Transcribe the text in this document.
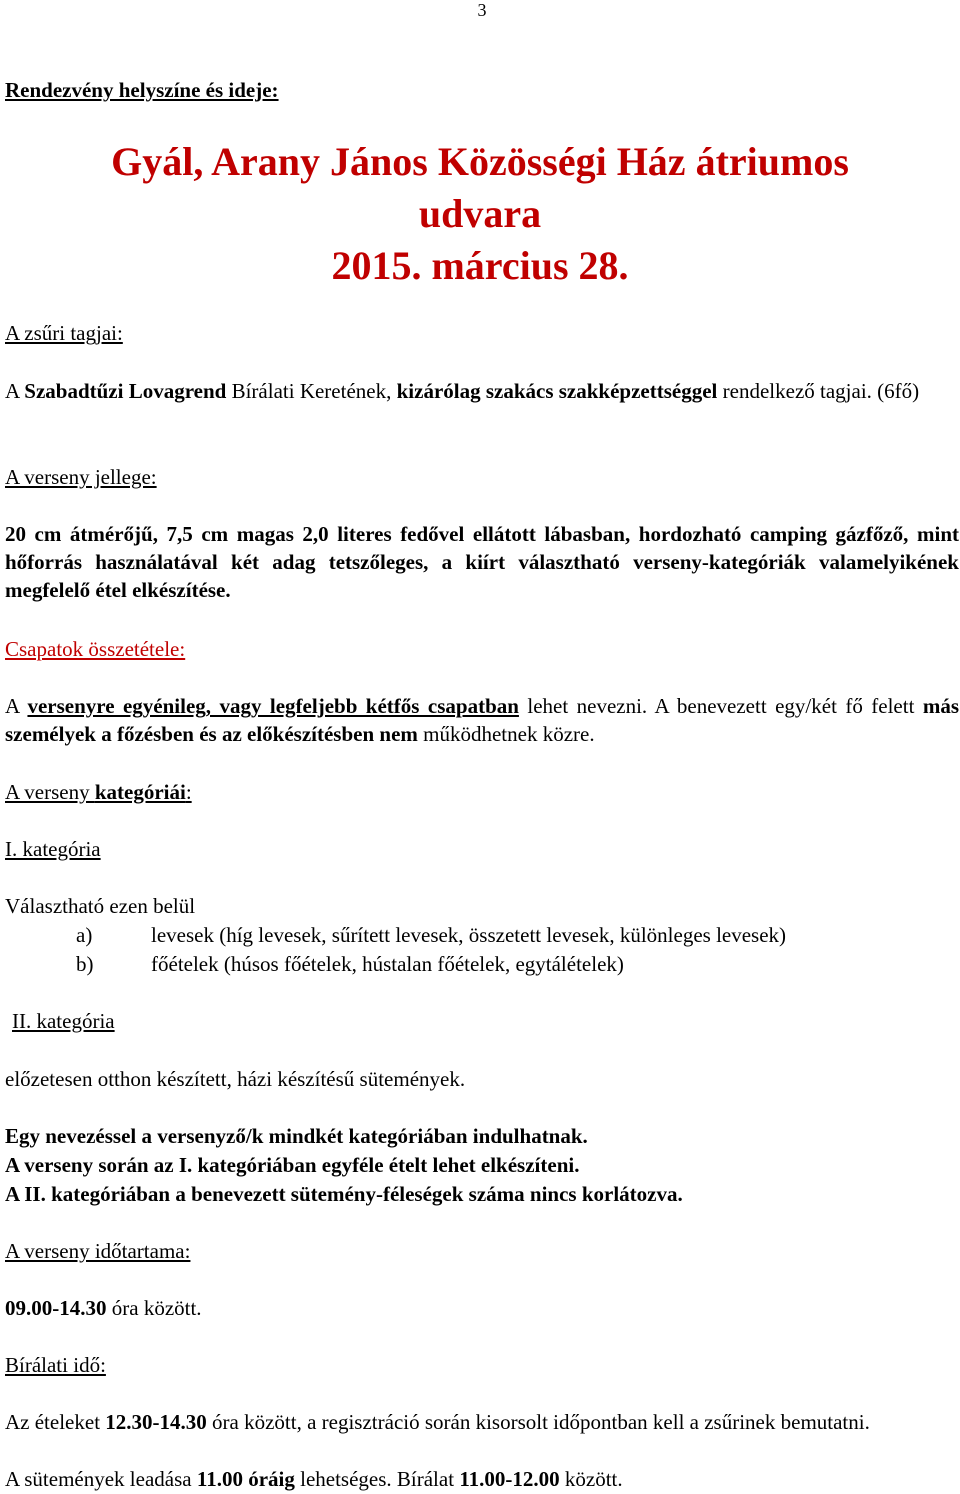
3
Rendezvény helyszíne és ideje:
Gyál, Arany János Közösségi Ház átriumos
udvara
2015. március 28.
A zsűri tagjai:
A Szabadtűzi Lovagrend Bírálati Keretének, kizárólag szakács szakképzettséggel rendelkező tagjai. (6fő)
A verseny jellege:
20 cm átmérőjű, 7,5 cm magas 2,0 literes fedővel ellátott lábasban, hordozható camping gázfőző, mint hőforrás használatával két adag tetszőleges, a kiírt választható verseny-kategóriák valamelyikének megfelelő étel elkészítése.
Csapatok összetétele:
A versenyre egyénileg, vagy legfeljebb kétfős csapatban lehet nevezni. A benevezett egy/két fő felett más személyek a főzésben és az előkészítésben nem működhetnek közre.
A verseny kategóriái:
I. kategória
Választható ezen belül
a)	levesek (híg levesek, sűrített levesek, összetett levesek, különleges levesek)
b)	főételek (húsos főételek, hústalan főételek, egytálételek)
II. kategória
előzetesen otthon készített, házi készítésű sütemények.
Egy nevezéssel a versenyző/k mindkét kategóriában indulhatnak.
A verseny során az I. kategóriában egyféle ételt lehet elkészíteni.
A II. kategóriában a benevezett sütemény-féleségek száma nincs korlátozva.
A verseny időtartama:
09.00-14.30 óra között.
Bírálati idő:
Az ételeket 12.30-14.30 óra között, a regisztráció során kisorsolt időpontban kell a zsűrinek bemutatni.
A sütemények leadása 11.00 óráig lehetséges. Bírálat 11.00-12.00 között.
